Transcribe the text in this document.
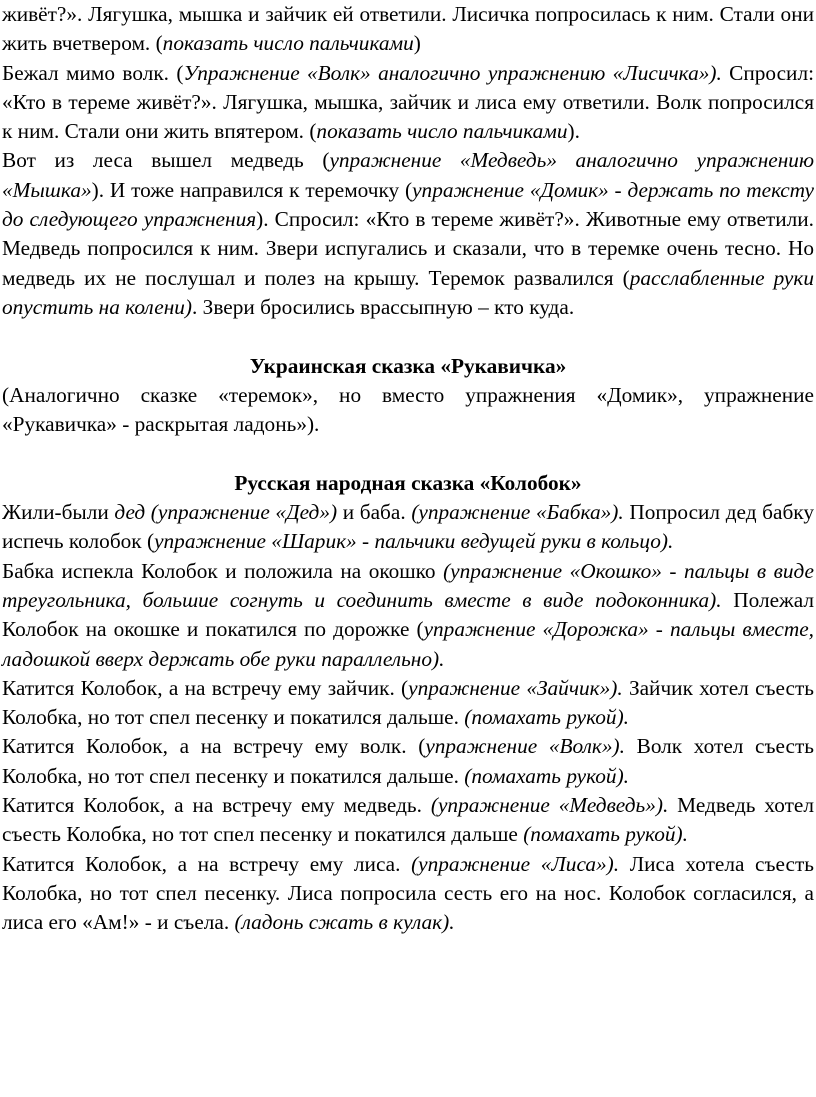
живёт?». Лягушка, мышка и зайчик ей ответили. Лисичка попросилась к ним. Стали они жить вчетвером. (показать число пальчиками)

Бежал мимо волк. (Упражнение «Волк» аналогично упражнению «Лисичка»). Спросил: «Кто в тереме живёт?». Лягушка, мышка, зайчик и лиса ему ответили. Волк попросился к ним. Стали они жить впятером. (показать число пальчиками).

Вот из леса вышел медведь (упражнение «Медведь» аналогично упражнению «Мышка»). И тоже направился к теремочку (упражнение «Домик» - держать по тексту до следующего упражнения). Спросил: «Кто в тереме живёт?». Животные ему ответили. Медведь попросился к ним. Звери испугались и сказали, что в теремке очень тесно. Но медведь их не послушал и полез на крышу. Теремок развалился (расслабленные руки опустить на колени). Звери бросились врассыпную – кто куда.

Украинская сказка «Рукавичка»

(Аналогично сказке «теремок», но вместо упражнения «Домик», упражнение «Рукавичка» - раскрытая ладонь»).

Русская народная сказка «Колобок»

Жили-были дед (упражнение «Дед») и баба. (упражнение «Бабка»). Попросил дед бабку испечь колобок (упражнение «Шарик» - пальчики ведущей руки в кольцо).

Бабка испекла Колобок и положила на окошко (упражнение «Окошко» - пальцы в виде треугольника, большие согнуть и соединить вместе в виде подоконника). Полежал Колобок на окошке и покатился по дорожке (упражнение «Дорожка» - пальцы вместе, ладошкой вверх держать обе руки параллельно).

Катится Колобок, а на встречу ему зайчик. (упражнение «Зайчик»). Зайчик хотел съесть Колобка, но тот спел песенку и покатился дальше. (помахать рукой).

Катится Колобок, а на встречу ему волк. (упражнение «Волк»). Волк хотел съесть Колобка, но тот спел песенку и покатился дальше. (помахать рукой).

Катится Колобок, а на встречу ему медведь. (упражнение «Медведь»). Медведь хотел съесть Колобка, но тот спел песенку и покатился дальше (помахать рукой).

Катится Колобок, а на встречу ему лиса. (упражнение «Лиса»). Лиса хотела съесть Колобка, но тот спел песенку. Лиса попросила сесть его на нос. Колобок согласился, а лиса его «Ам!» - и съела. (ладонь сжать в кулак).
